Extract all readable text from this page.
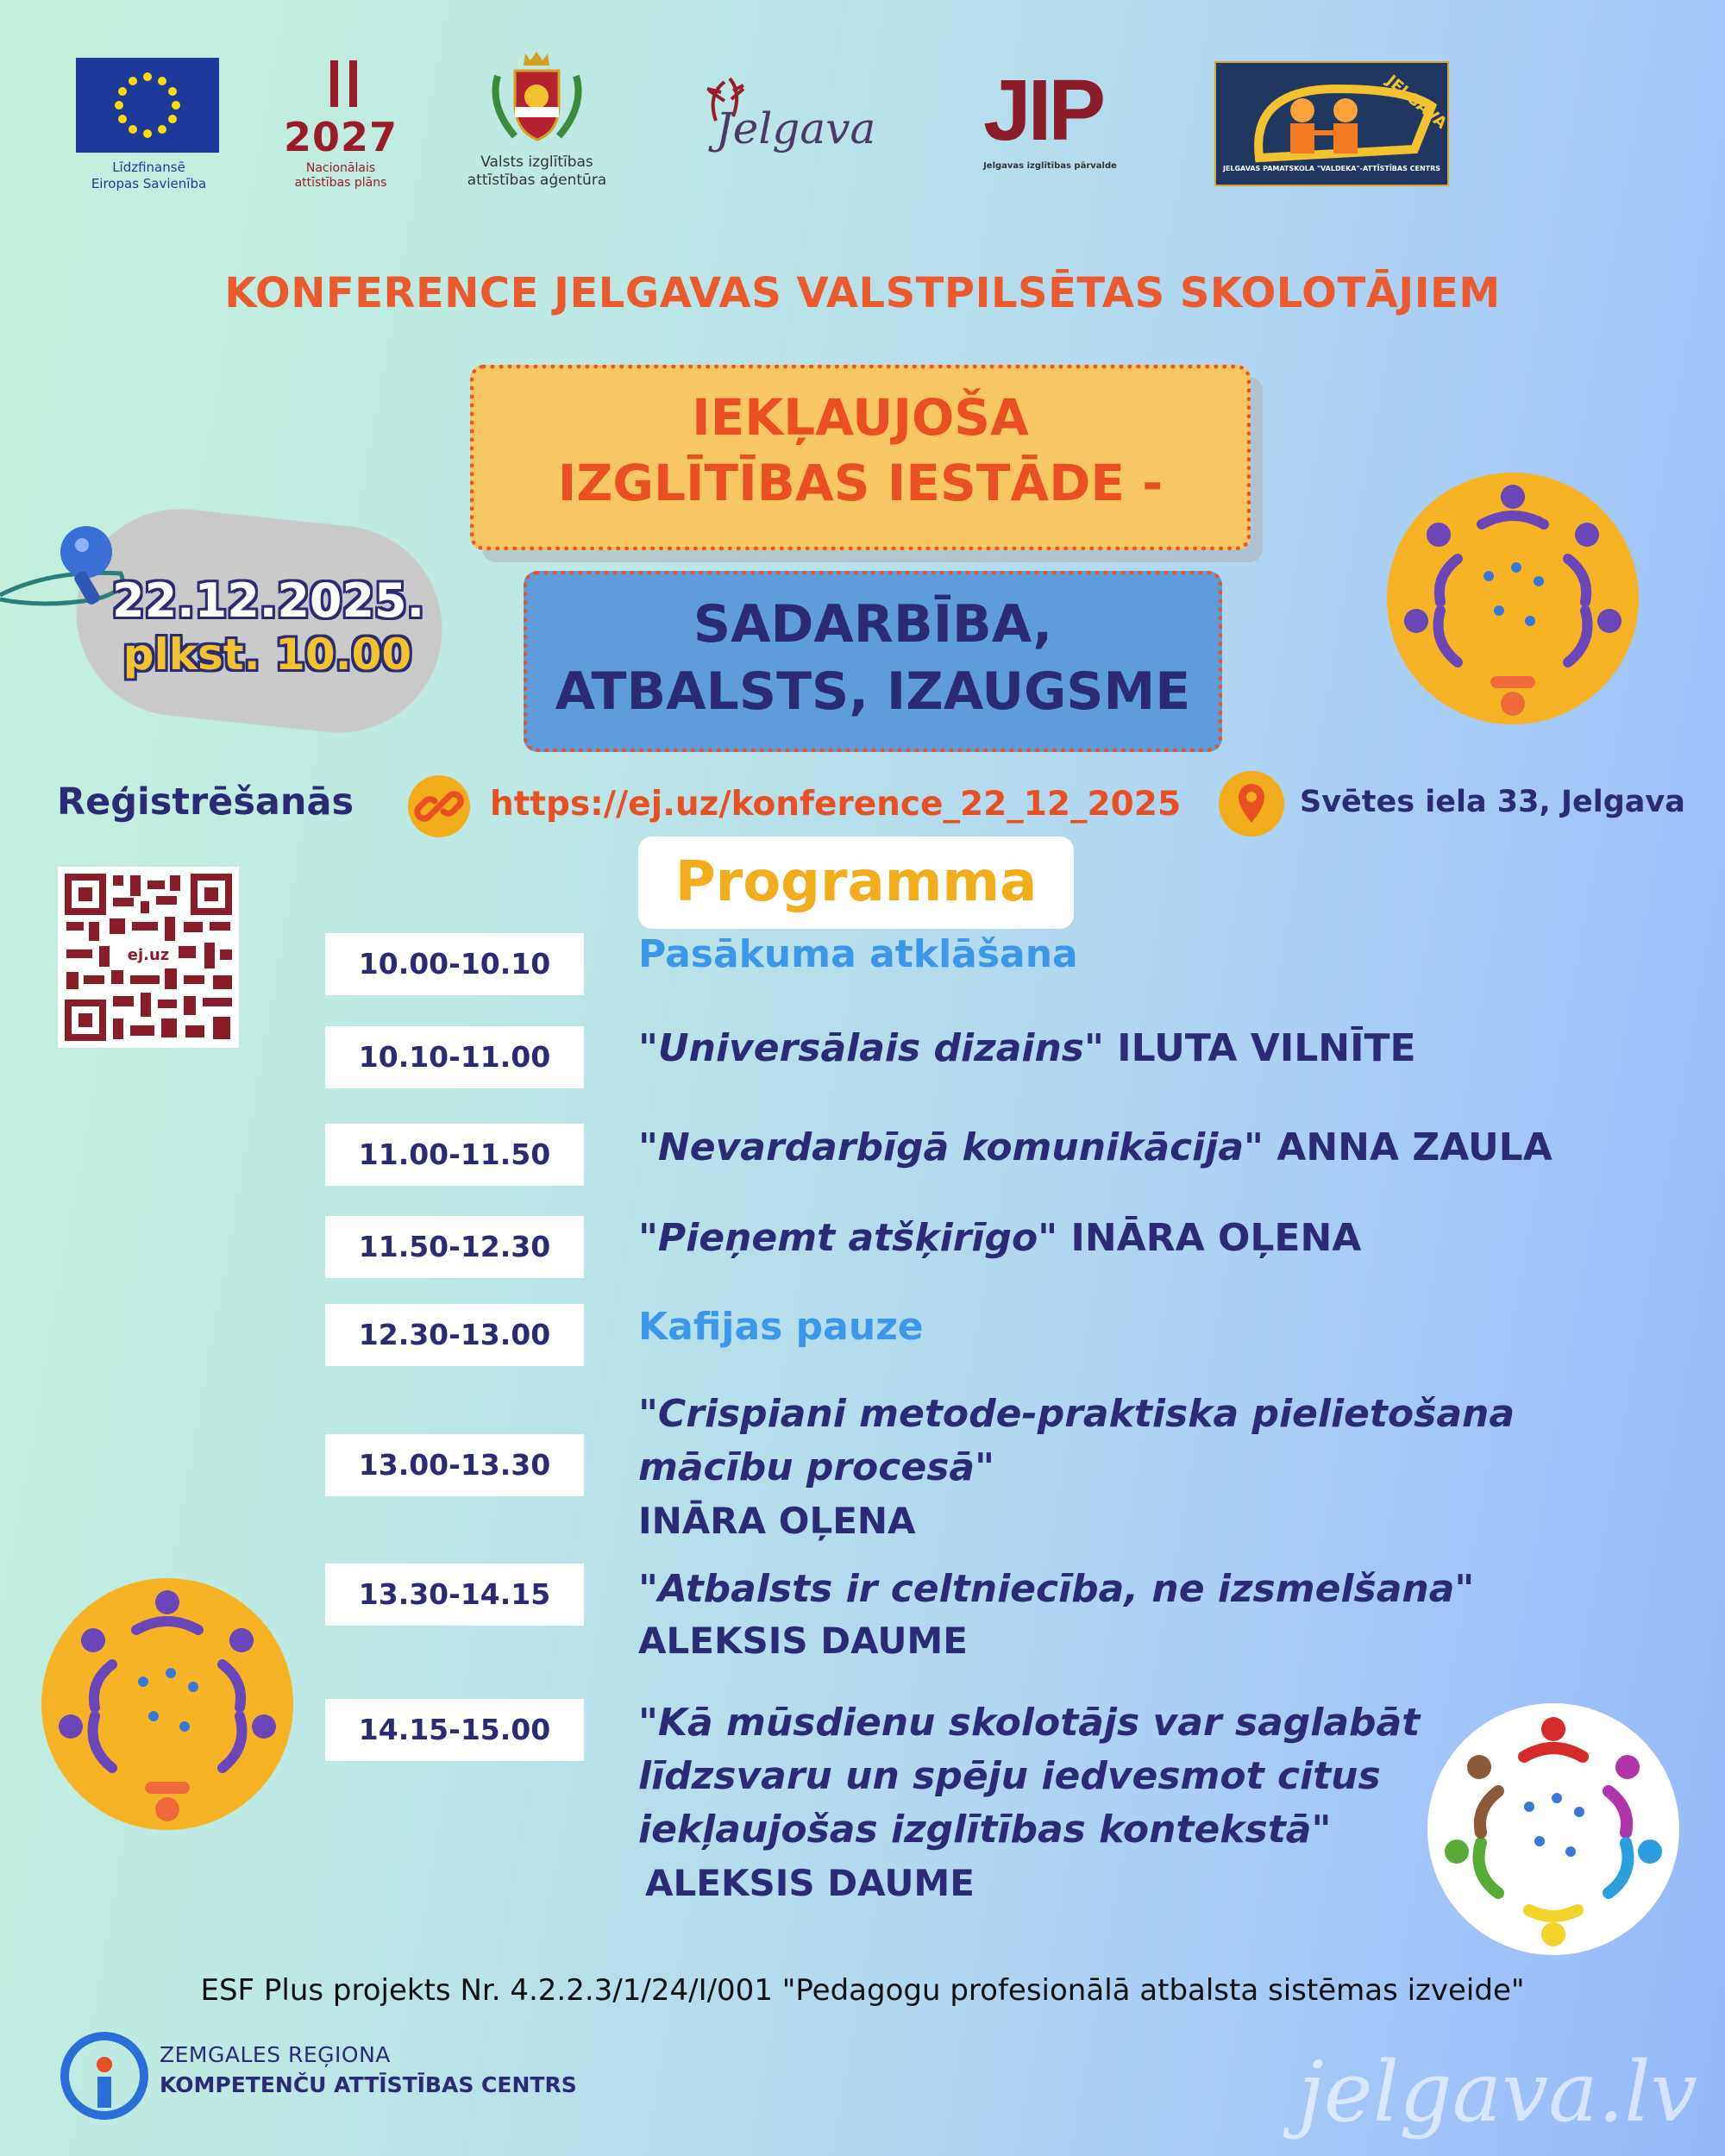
Līdzfinansē
Eiropas Savienība
2027
Nacionālais
attīstības plāns
Valsts izglītības
attīstības aģentūra
Jelgava	JIP
Jelgavas izglītības pārvalde
JELGAVA
JELGAVAS PAMATSKOLA "VALDEKA"-ATTĪSTĪBAS CENTRS
KONFERENCE JELGAVAS VALSTPILSĒTAS SKOLOTĀJIEM
IEKĻAUJOŠA
IZGLĪTĪBAS IESTĀDE -
SADARBĪBA,
ATBALSTS, IZAUGSME
22.12.2025.
plkst. 10.00
Reģistrēšanās	https://ej.uz/konference_22_12_2025	Svētes iela 33, Jelgava
ej.uz
Programma
10.00-10.10	Pasākuma atklāšana
10.10-11.00	"Universālais dizains" ILUTA VILNĪTE
11.00-11.50	"Nevardarbīgā komunikācija" ANNA ZAULA
11.50-12.30	"Pieņemt atšķirīgo" INĀRA OĻENA
12.30-13.00	Kafijas pauze
13.00-13.30
"Crispiani metode-praktiska pielietošana
mācību procesā"
INĀRA OĻENA
13.30-14.15	"Atbalsts ir celtniecība, ne izsmelšana"
ALEKSIS DAUME
14.15-15.00	"Kā mūsdienu skolotājs var saglabāt
līdzsvaru un spēju iedvesmot citus
iekļaujošas izglītības kontekstā"
ALEKSIS DAUME
ESF Plus projekts Nr. 4.2.2.3/1/24/I/001 "Pedagogu profesionālā atbalsta sistēmas izveide"
ZEMGALES REĢIONA
KOMPETENČU ATTĪSTĪBAS CENTRS	jelgava.lv
